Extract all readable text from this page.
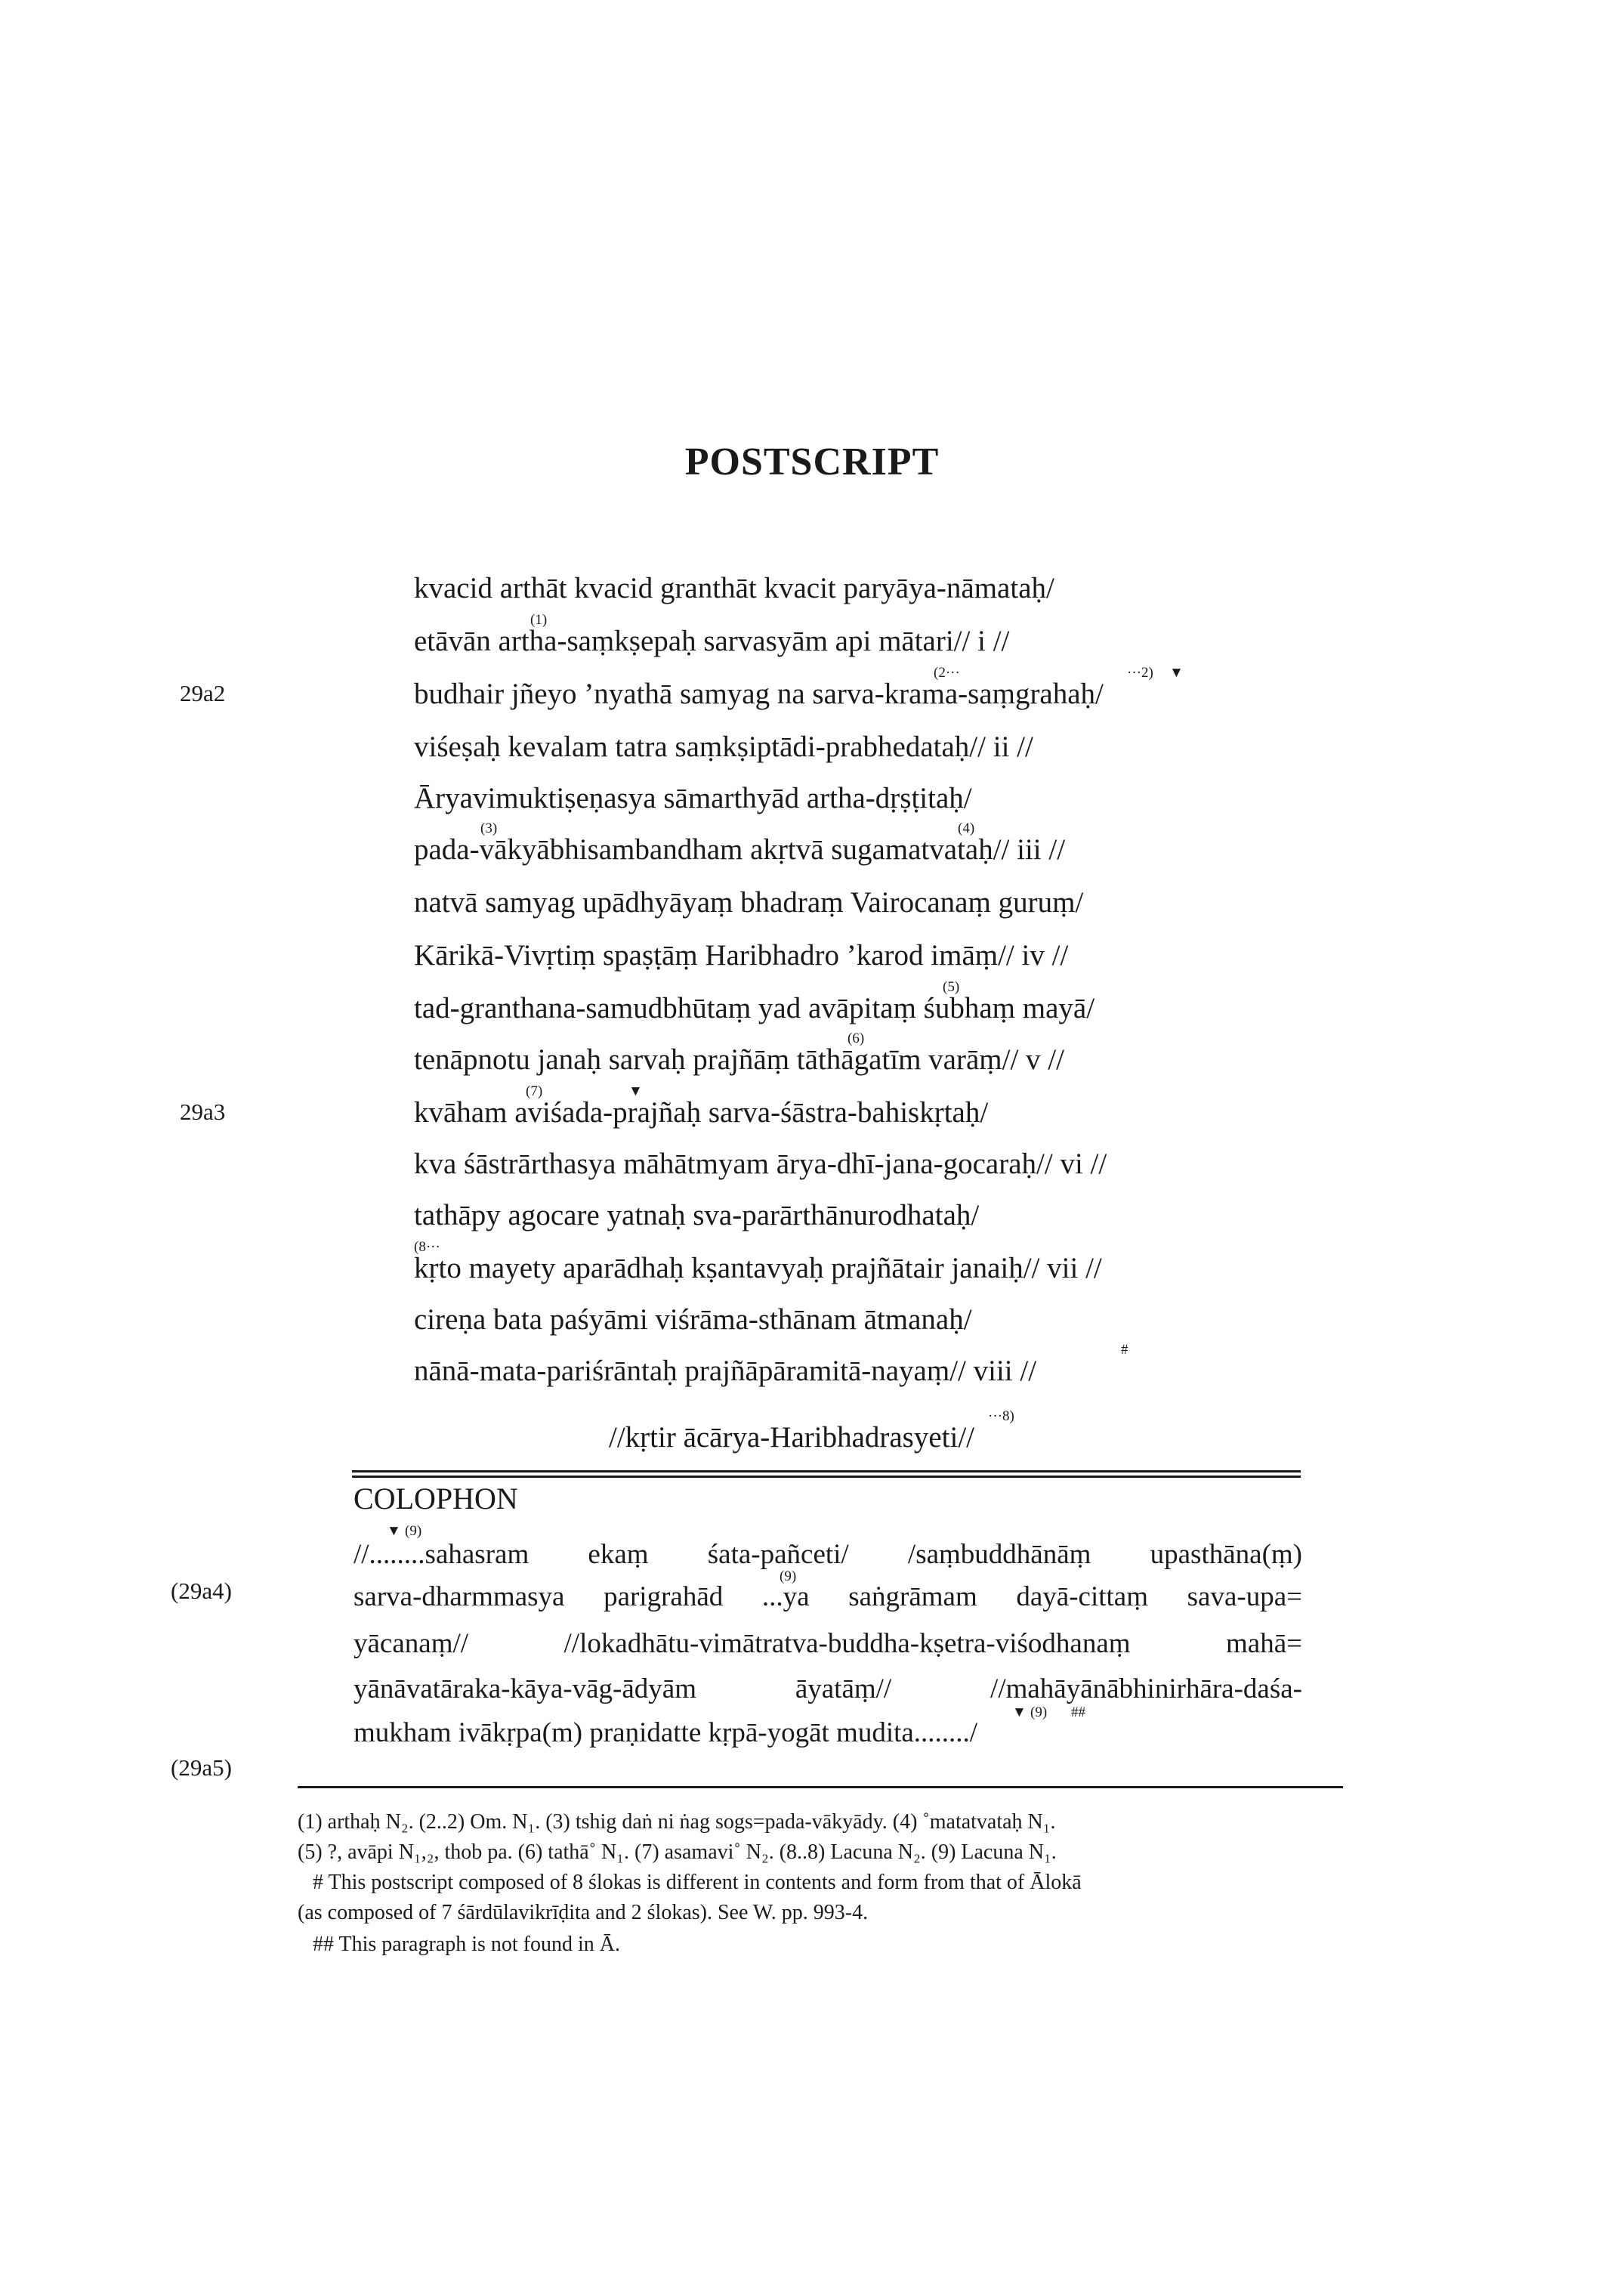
POSTSCRIPT
kvacid arthāt kvacid granthāt kvacit paryāya-nāmataḥ/
etāvān artha-saṃkṣepaḥ sarvasyām api mātari// i //
budhair jñeyo ’nyathā samyag na sarva-krama-saṃgrahaḥ/
viśeṣaḥ kevalam tatra saṃkṣiptādi-prabhedataḥ// ii //
Āryavimuktiṣeṇasya sāmarthyād artha-dṛṣṭitaḥ/
pada-vākyābhisambandham akṛtvā sugamatvataḥ// iii //
natvā samyag upādhyāyaṃ bhadraṃ Vairocanaṃ guruṃ/
Kārikā-Vivṛtiṃ spaṣṭāṃ Haribhadro ’karod imāṃ// iv //
tad-granthana-samudbhūtaṃ yad avāpitaṃ śubhaṃ mayā/
tenāpnotu janaḥ sarvaḥ prajñāṃ tāthāgatīm varāṃ// v //
kvāham aviśada-prajñaḥ sarva-śāstra-bahiskṛtaḥ/
kva śāstrārthasya māhātmyam ārya-dhī-jana-gocaraḥ// vi //
tathāpy agocare yatnaḥ sva-parārthānurodhataḥ/
kṛto mayety aparādhaḥ kṣantavyaḥ prajñātair janaiḥ// vii //
cireṇa bata paśyāmi viśrāma-sthānam ātmanaḥ/
nānā-mata-pariśrāntaḥ prajñāpāramitā-nayaṃ// viii //
//kṛtir ācārya-Haribhadrasyeti//
29a2
29a3
(29a4)
(29a5)
(1)
(2···	···2) ▼
(3)	(4)
(5)
(6)
(7)	▼
(8···
#
···8)
COLOPHON
▼ (9)
//........sahasram ekaṃ śata-pañceti/ /saṃbuddhānāṃ upasthāna(ṃ)
(9)
sarva-dharmmasya parigrahād ...ya saṅgrāmam dayā-cittaṃ sava-upa=
yācanaṃ// //lokadhātu-vimātratva-buddha-kṣetra-viśodhanaṃ mahā=
yānāvatāraka-kāya-vāg-ādyām āyatāṃ// //mahāyānābhinirhāra-daśa-
▼ (9) ##
mukham ivākṛpa(m) praṇidatte kṛpā-yogāt mudita......../
(1) arthaḥ N₂. (2..2) Om. N₁. (3) tshig daṅ ni ṅag sogs=pada-vākyādy. (4) ˚matatvataḥ N₁.
(5) ?, avāpi N₁,₂, thob pa. (6) tathā˚ N₁. (7) asamavi˚ N₂. (8..8) Lacuna N₂. (9) Lacuna N₁.
# This postscript composed of 8 ślokas is different in contents and form from that of Ālokā
(as composed of 7 śārdūlavikrīḍita and 2 ślokas). See W. pp. 993-4.
## This paragraph is not found in Ā.
